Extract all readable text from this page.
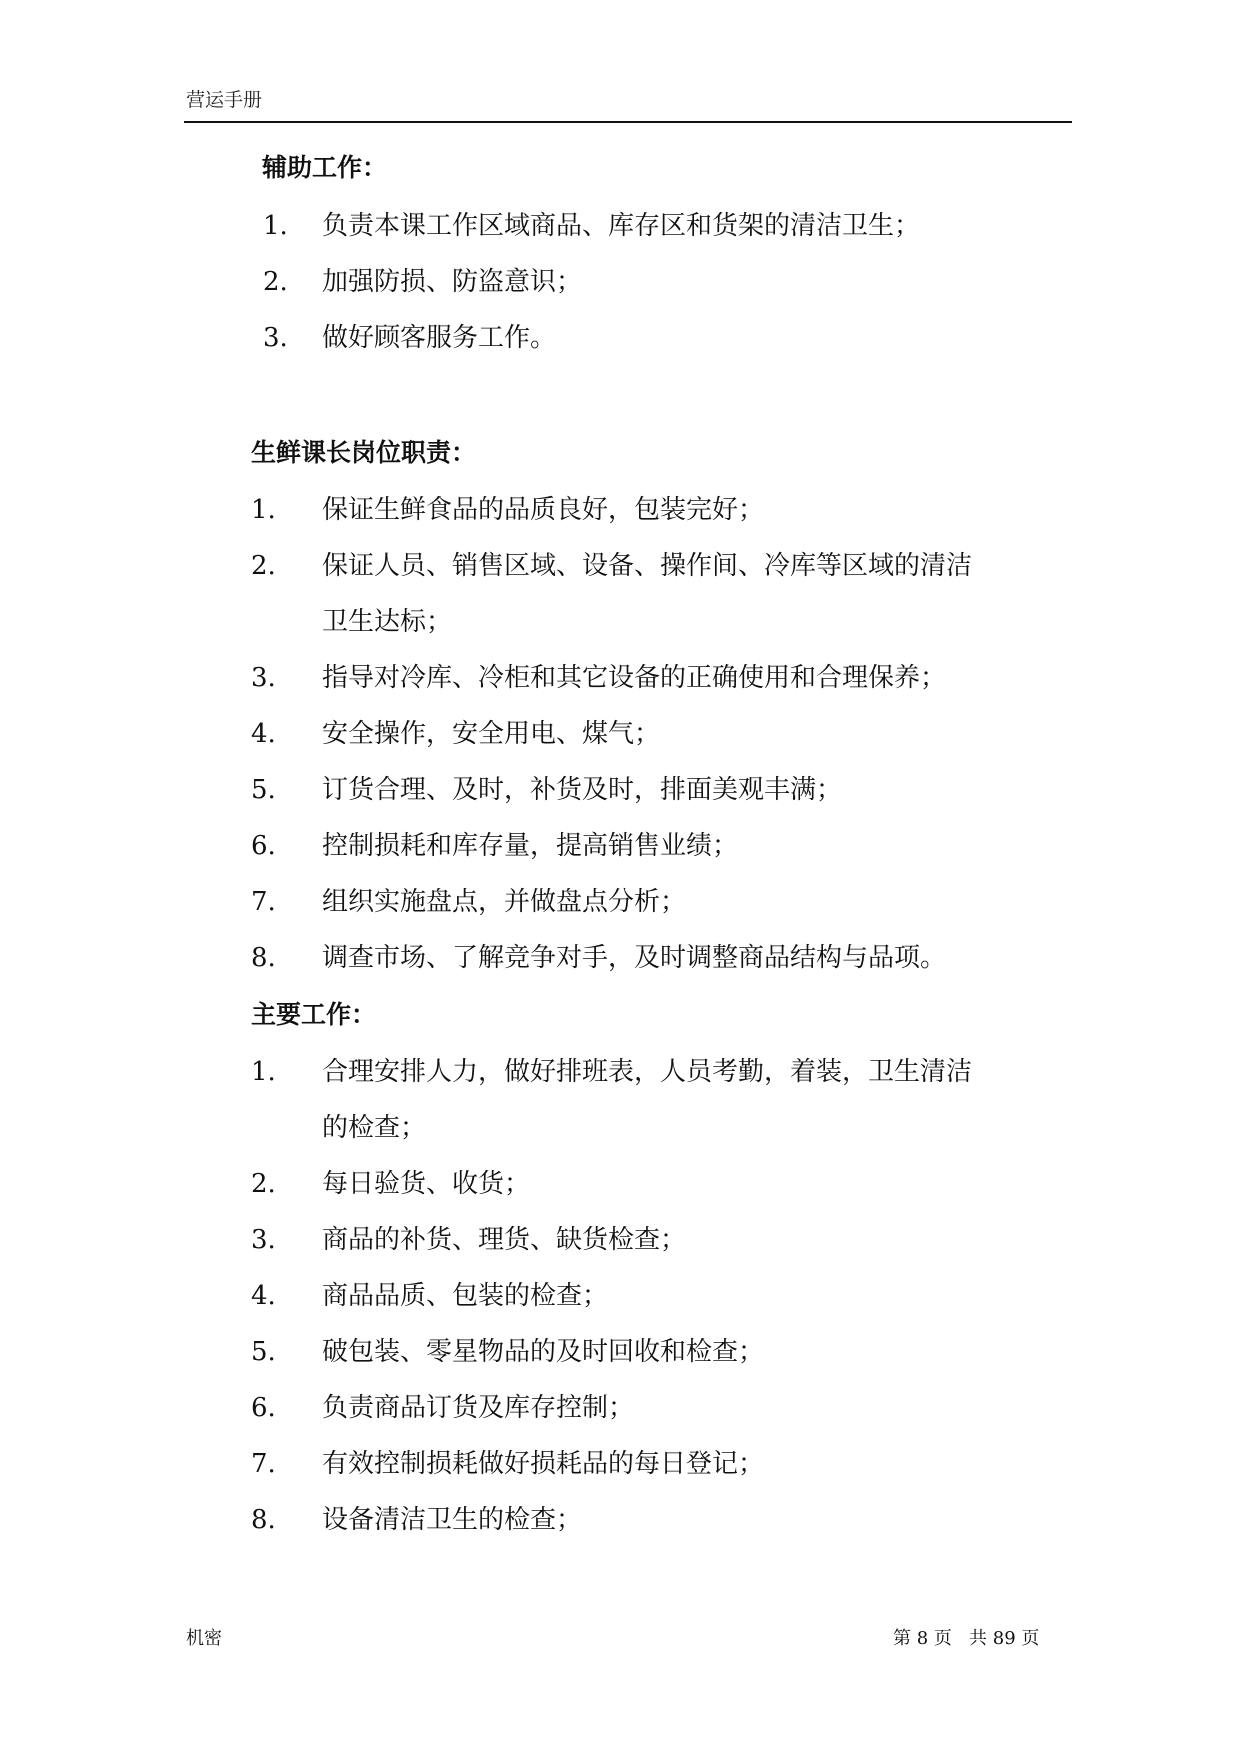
营运手册
辅助工作：
1. 负责本课工作区域商品、库存区和货架的清洁卫生；
2. 加强防损、防盗意识；
3. 做好顾客服务工作。
生鲜课长岗位职责：
1. 保证生鲜食品的品质良好，包装完好；
2. 保证人员、销售区域、设备、操作间、冷库等区域的清洁
卫生达标；
3. 指导对冷库、冷柜和其它设备的正确使用和合理保养；
4. 安全操作，安全用电、煤气；
5. 订货合理、及时，补货及时，排面美观丰满；
6. 控制损耗和库存量，提高销售业绩；
7. 组织实施盘点，并做盘点分析；
8. 调查市场、了解竞争对手，及时调整商品结构与品项。
主要工作：
1. 合理安排人力，做好排班表，人员考勤，着装，卫生清洁
的检查；
2. 每日验货、收货；
3. 商品的补货、理货、缺货检查；
4. 商品品质、包装的检查；
5. 破包装、零星物品的及时回收和检查；
6. 负责商品订货及库存控制；
7. 有效控制损耗做好损耗品的每日登记；
8. 设备清洁卫生的检查；
机密	第 8 页   共 89 页
